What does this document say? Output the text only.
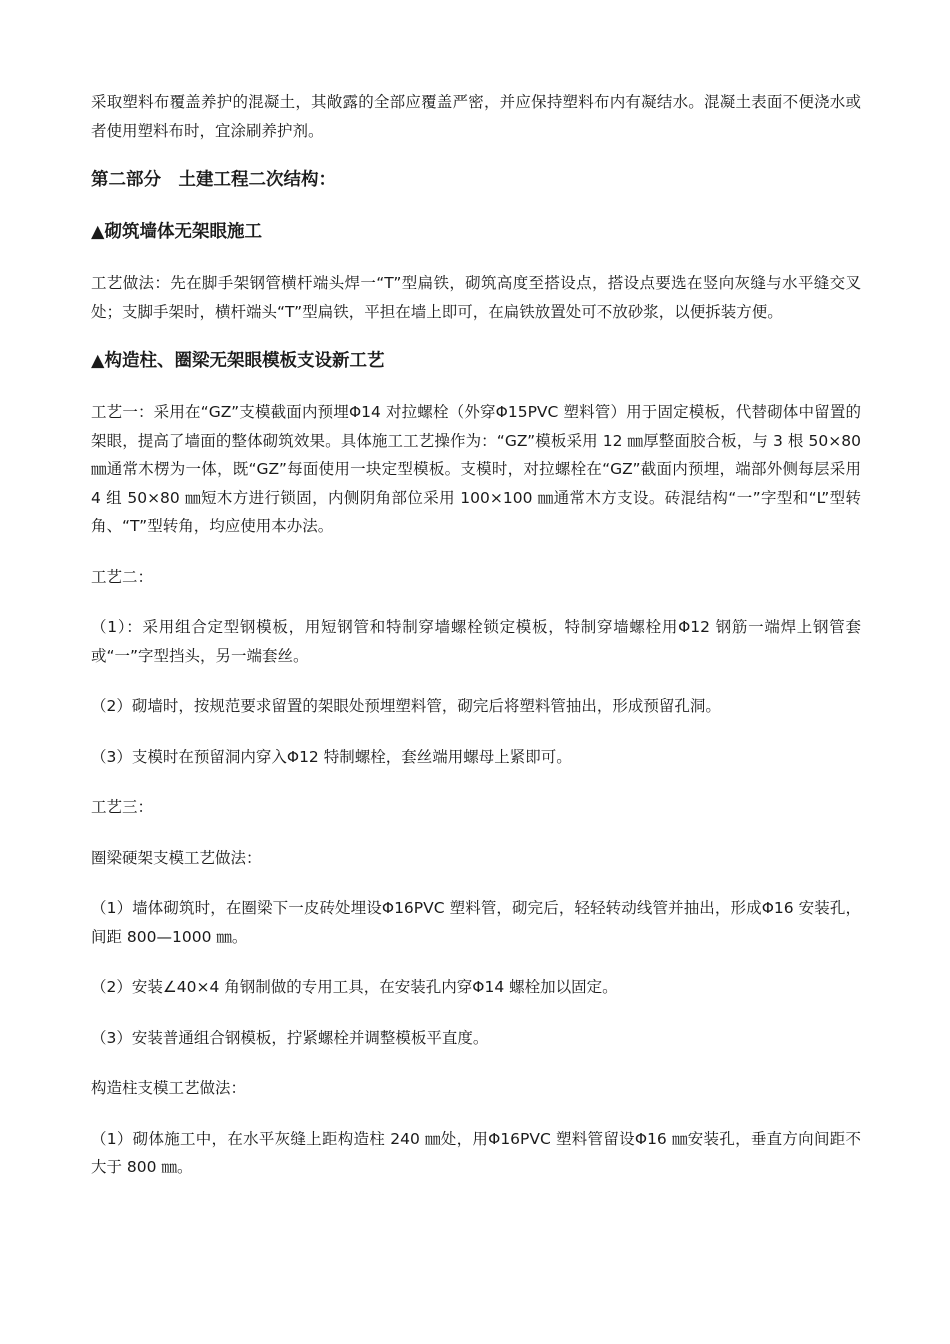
采取塑料布覆盖养护的混凝土，其敞露的全部应覆盖严密，并应保持塑料布内有凝结水。混凝土表面不便浇水或者使用塑料布时，宜涂刷养护剂。

第二部分　土建工程二次结构：
▲砌筑墙体无架眼施工

工艺做法：先在脚手架钢管横杆端头焊一“T”型扁铁，砌筑高度至搭设点，搭设点要选在竖向灰缝与水平缝交叉处；支脚手架时，横杆端头“T”型扁铁，平担在墙上即可，在扁铁放置处可不放砂浆，以便拆装方便。

▲构造柱、圈梁无架眼模板支设新工艺

工艺一：采用在“GZ”支模截面内预埋Φ14 对拉螺栓（外穿Φ15PVC 塑料管）用于固定模板，代替砌体中留置的架眼，提高了墙面的整体砌筑效果。具体施工工艺操作为：“GZ”模板采用 12 ㎜厚整面胶合板，与 3 根 50×80 ㎜通常木楞为一体，既“GZ”每面使用一块定型模板。支模时，对拉螺栓在“GZ”截面内预埋，端部外侧每层采用 4 组 50×80 ㎜短木方进行锁固，内侧阴角部位采用 100×100 ㎜通常木方支设。砖混结构“一”字型和“L”型转角、“T”型转角，均应使用本办法。

工艺二：

（1）：采用组合定型钢模板，用短钢管和特制穿墙螺栓锁定模板，特制穿墙螺栓用Φ12 钢筋一端焊上钢管套或“一”字型挡头，另一端套丝。

（2）砌墙时，按规范要求留置的架眼处预埋塑料管，砌完后将塑料管抽出，形成预留孔洞。

（3）支模时在预留洞内穿入Φ12 特制螺栓，套丝端用螺母上紧即可。

工艺三：

圈梁硬架支模工艺做法：

（1）墙体砌筑时，在圈梁下一皮砖处埋设Φ16PVC 塑料管，砌完后，轻轻转动线管并抽出，形成Φ16 安装孔，间距 800—1000 ㎜。

（2）安装∠40×4 角钢制做的专用工具，在安装孔内穿Φ14 螺栓加以固定。

（3）安装普通组合钢模板，拧紧螺栓并调整模板平直度。

构造柱支模工艺做法：

（1）砌体施工中，在水平灰缝上距构造柱 240 ㎜处，用Φ16PVC 塑料管留设Φ16 ㎜安装孔，垂直方向间距不大于 800 ㎜。
